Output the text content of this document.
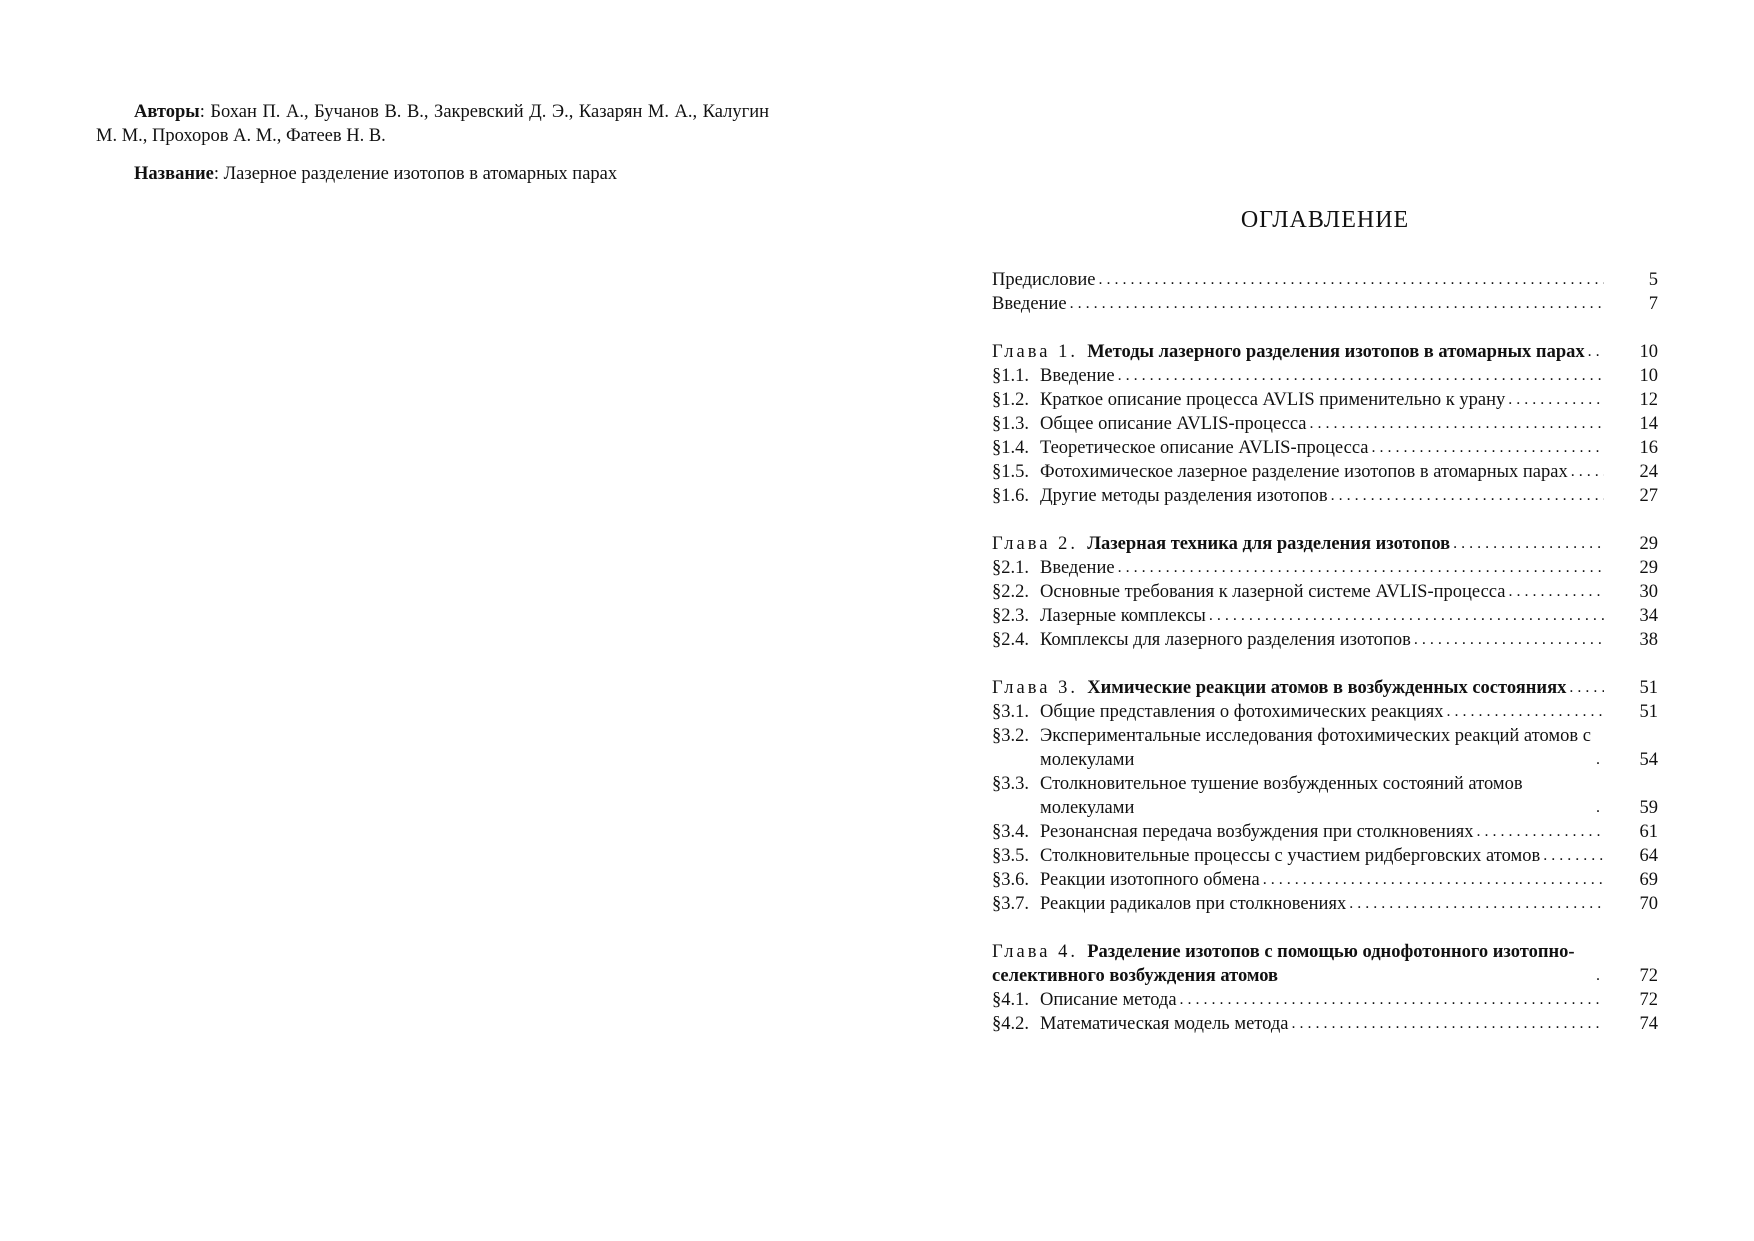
Авторы: Бохан П. А., Бучанов В. В., Закревский Д. Э., Казарян М. А., Калугин М. М., Прохоров А. М., Фатеев Н. В.

Название: Лазерное разделение изотопов в атомарных парах

ОГЛАВЛЕНИЕ
Предисловие . . .	5
Введение . . .	7
Глава 1. Методы лазерного разделения изотопов в атомарных парах . . .	10
§1.1. Введение . . .	10
§1.2. Краткое описание процесса AVLIS применительно к урану . . .	12
§1.3. Общее описание AVLIS-процесса . . .	14
§1.4. Теоретическое описание AVLIS-процесса . . .	16
§1.5. Фотохимическое лазерное разделение изотопов в атомарных парах . . .	24
§1.6. Другие методы разделения изотопов . . .	27
Глава 2. Лазерная техника для разделения изотопов . . .	29
§2.1. Введение . . .	29
§2.2. Основные требования к лазерной системе AVLIS-процесса . . .	30
§2.3. Лазерные комплексы . . .	34
§2.4. Комплексы для лазерного разделения изотопов . . .	38
Глава 3. Химические реакции атомов в возбужденных состояниях . . .	51
§3.1. Общие представления о фотохимических реакциях . . .	51
§3.2. Экспериментальные исследования фотохимических реакций атомов с молекулами . . .	54
§3.3. Столкновительное тушение возбужденных состояний атомов молекулами . . .	59
§3.4. Резонансная передача возбуждения при столкновениях . . .	61
§3.5. Столкновительные процессы с участием ридберговских атомов . . .	64
§3.6. Реакции изотопного обмена . . .	69
§3.7. Реакции радикалов при столкновениях . . .	70
Глава 4. Разделение изотопов с помощью однофотонного изотопно-селективного возбуждения атомов . . .	72
§4.1. Описание метода . . .	72
§4.2. Математическая модель метода . . .	74
